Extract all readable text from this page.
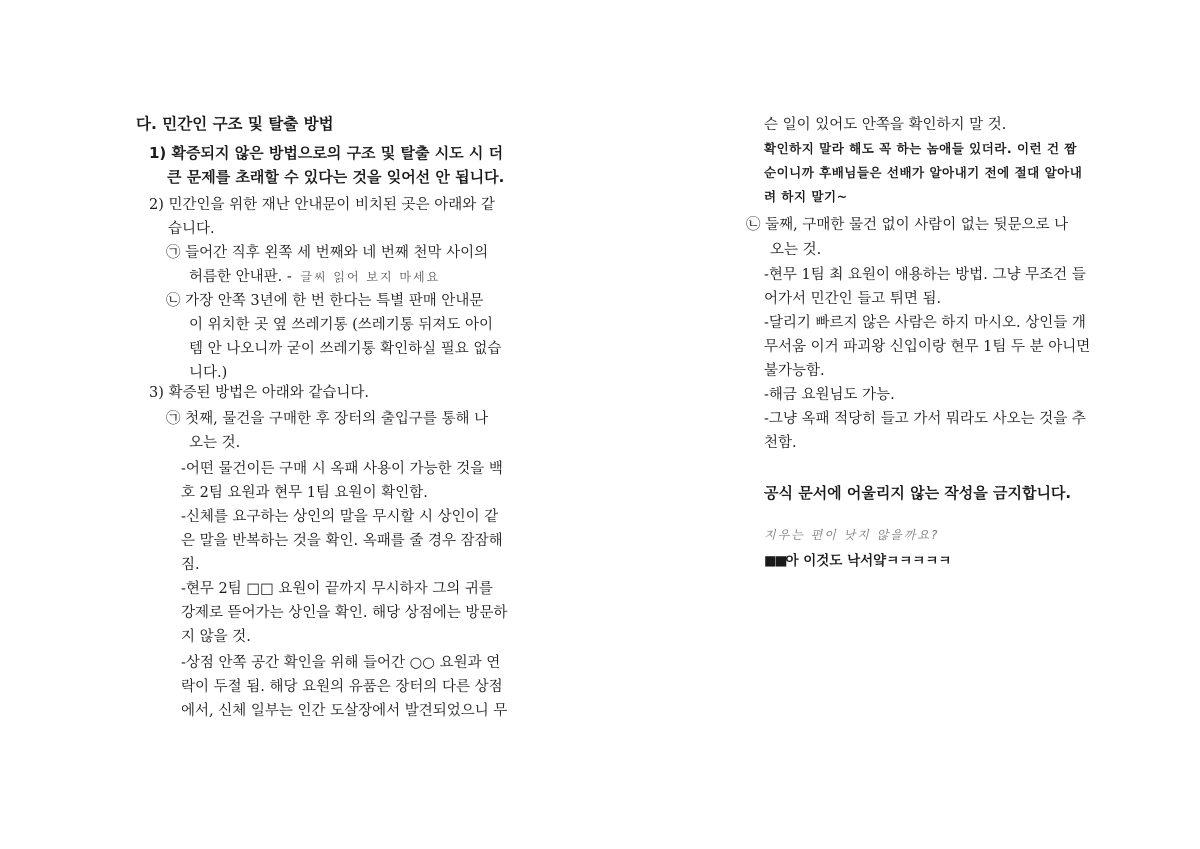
다. 민간인 구조 및 탈출 방법
1) 확증되지 않은 방법으로의 구조 및 탈출 시도 시 더
큰 문제를 초래할 수 있다는 것을 잊어선 안 됩니다.
2) 민간인을 위한 재난 안내문이 비치된 곳은 아래와 같
습니다.
㉠ 들어간 직후 왼쪽 세 번째와 네 번째 천막 사이의
허름한 안내판. - 글씨 읽어 보지 마세요
㉡ 가장 안쪽 3년에 한 번 한다는 특별 판매 안내문
이 위치한 곳 옆 쓰레기통 (쓰레기통 뒤져도 아이
템 안 나오니까 굳이 쓰레기통 확인하실 필요 없습
니다.)
3) 확증된 방법은 아래와 같습니다.
㉠ 첫째, 물건을 구매한 후 장터의 출입구를 통해 나
오는 것.
-어떤 물건이든 구매 시 옥패 사용이 가능한 것을 백
호 2팀 요원과 현무 1팀 요원이 확인함.
-신체를 요구하는 상인의 말을 무시할 시 상인이 같
은 말을 반복하는 것을 확인. 옥패를 줄 경우 잠잠해
짐.
-현무 2팀 □□ 요원이 끝까지 무시하자 그의 귀를
강제로 뜯어가는 상인을 확인. 해당 상점에는 방문하
지 않을 것.
-상점 안쪽 공간 확인을 위해 들어간 ○○ 요원과 연
락이 두절 됨. 해당 요원의 유품은 장터의 다른 상점
에서, 신체 일부는 인간 도살장에서 발견되었으니 무
슨 일이 있어도 안쪽을 확인하지 말 것.
확인하지 말라 해도 꼭 하는 놈애들 있더라. 이런 건 짬
순이니까 후배님들은 선배가 알아내기 전에 절대 알아내
려 하지 말기~
㉡ 둘째, 구매한 물건 없이 사람이 없는 뒷문으로 나
오는 것.
-현무 1팀 최 요원이 애용하는 방법. 그냥 무조건 들
어가서 민간인 들고 튀면 됨.
-달리기 빠르지 않은 사람은 하지 마시오. 상인들 개
무서움 이거 파괴왕 신입이랑 현무 1팀 두 분 아니면
불가능함.
-해금 요원님도 가능.
-그냥 옥패 적당히 들고 가서 뭐라도 사오는 것을 추
천함.
공식 문서에 어울리지 않는 작성을 금지합니다.
지우는 편이 낫지 않을까요?
■■아 이것도 낙서얔ㅋㅋㅋㅋㅋ
